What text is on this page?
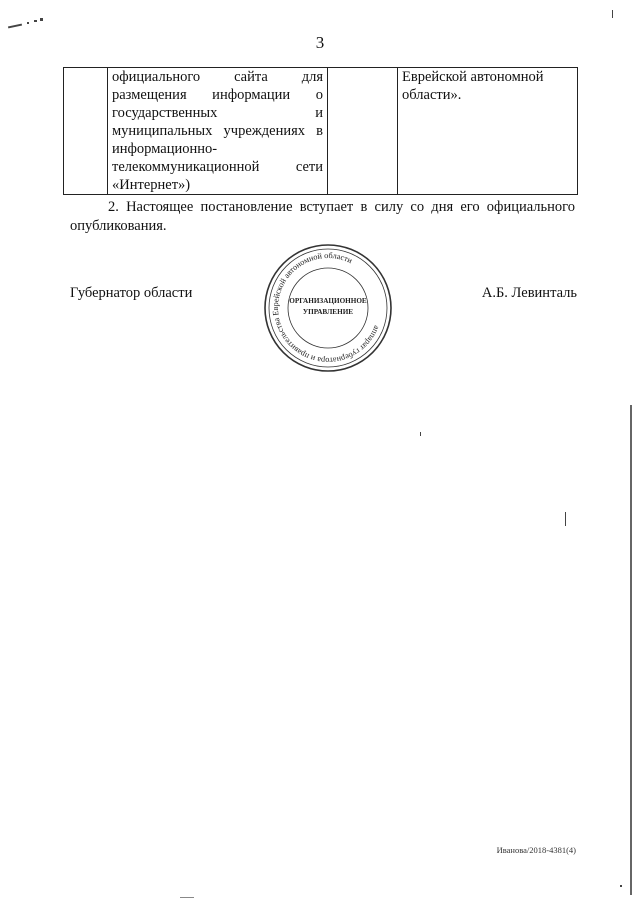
3
	официального сайта для размещения информации о государственных и муниципальных учреждениях в информационно-телекоммуникационной сети «Интернет»)		Еврейской автономной области».

2. Настоящее постановление вступает в силу со дня его официального опубликования.

Губернатор области	А.Б. Левинталь
аппарат губернатора и правительства Еврейской автономной области
ОРГАНИЗАЦИОННОЕ
УПРАВЛЕНИЕ
Иванова/2018-4381(4)
